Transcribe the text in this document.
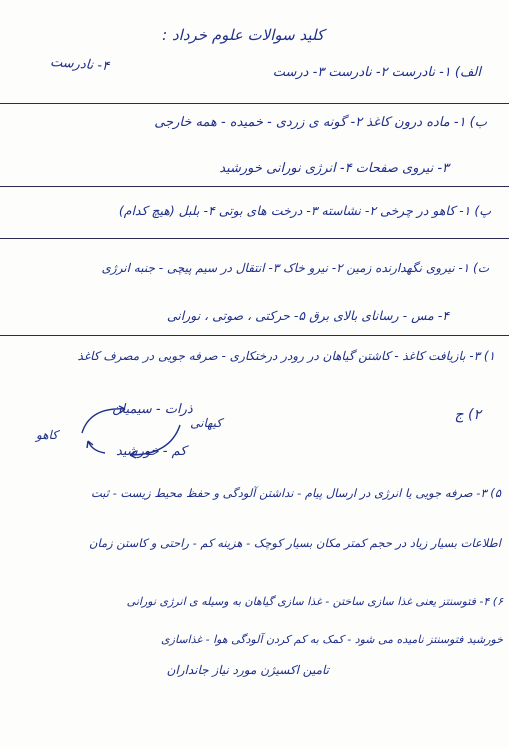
کلید سوالات علوم خرداد :
۴- نادرست	الف) ۱- نادرست ۲- نادرست ۳- درست
ب) ۱- ماده درون کاغذ ۲- گونه ی زردی - خمیده - همه خارجی
۳- نیروی صفحات ۴- انرژی نورانی خورشید
پ) ۱- کاهو در چرخی ۲- نشاسته ۳- درخت های بوتی ۴- بلبل (هیچ کدام)
ت) ۱- نیروی نگهدارنده زمین ۲- نیرو خاک ۳- انتقال در سیم پیچی - جنبه انرژی
۴- مس - رسانای بالای برق ۵- حرکتی ، صوتی ، نورانی
۱) ۳- بازیافت کاغذ - کاشتن گیاهان در رودر درختکاری - صرفه جویی در مصرف کاغذ
۲) ج
ذرات - سیمیان
کیهانی
کاهو
کم - خورشید
۵) ۳- صرفه جویی یا انرژی در ارسال پیام - نداشتن آلودگی و حفظ محیط زیست - ثبت
اطلاعات بسیار زیاد در حجم کمتر مکان بسیار کوچک - هزینه کم - راحتی و کاستن زمان
۶) ۴- فتوسنتز یعنی غذا سازی ساختن - غذا سازی گیاهان به وسیله ی انرژی نورانی
خورشید فتوسنتز نامیده می شود - کمک به کم کردن آلودگی هوا - غذاسازی
تامین اکسیژن مورد نیاز جانداران
